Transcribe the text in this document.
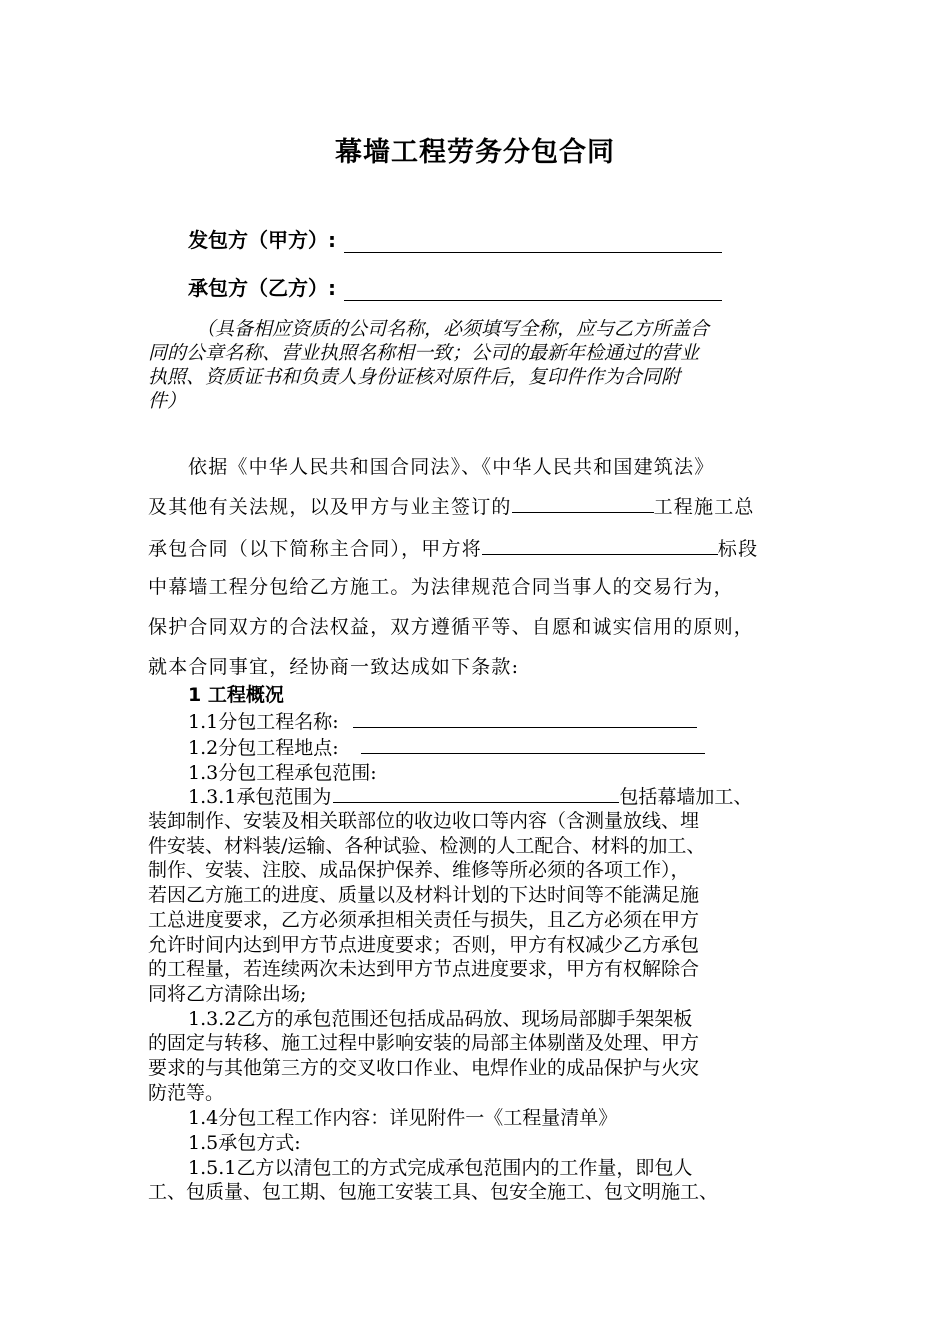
幕墙工程劳务分包合同
发包方（甲方）:
承包方（乙方）:
（具备相应资质的公司名称，必须填写全称，应与乙方所盖合
同的公章名称、营业执照名称相一致；公司的最新年检通过的营业
执照、资质证书和负责人身份证核对原件后，复印件作为合同附
件）
依据《中华人民共和国合同法》、《中华人民共和国建筑法》
及其他有关法规，以及甲方与业主签订的	工程施工总
承包合同（以下简称主合同），甲方将	标段
中幕墙工程分包给乙方施工。为法律规范合同当事人的交易行为，
保护合同双方的合法权益，双方遵循平等、自愿和诚实信用的原则，
就本合同事宜，经协商一致达成如下条款:
1 工程概况
1.1分包工程名称:
1.2分包工程地点:
1.3分包工程承包范围:
1.3.1承包范围为	包括幕墙加工、
装卸制作、安装及相关联部位的收边收口等内容（含测量放线、埋
件安装、材料装/运输、各种试验、检测的人工配合、材料的加工、
制作、安装、注胶、成品保护保养、维修等所必须的各项工作），
若因乙方施工的进度、质量以及材料计划的下达时间等不能满足施
工总进度要求，乙方必须承担相关责任与损失，且乙方必须在甲方
允许时间内达到甲方节点进度要求；否则，甲方有权减少乙方承包
的工程量，若连续两次未达到甲方节点进度要求，甲方有权解除合
同将乙方清除出场;
1.3.2乙方的承包范围还包括成品码放、现场局部脚手架架板
的固定与转移、施工过程中影响安装的局部主体剔凿及处理、甲方
要求的与其他第三方的交叉收口作业、电焊作业的成品保护与火灾
防范等。
1.4分包工程工作内容：详见附件一《工程量清单》
1.5承包方式:
1.5.1乙方以清包工的方式完成承包范围内的工作量，即包人
工、包质量、包工期、包施工安装工具、包安全施工、包文明施工、
